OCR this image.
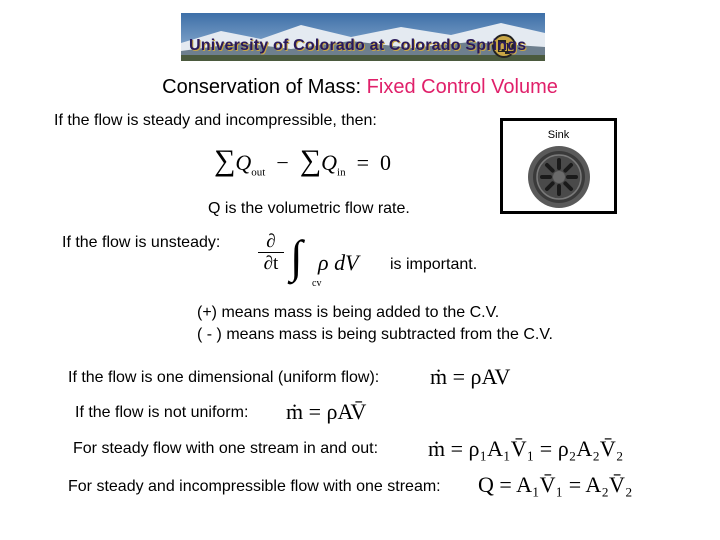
University of Colorado at Colorado Springs
Conservation of Mass: Fixed Control Volume
If the flow is steady and incompressible, then:
$\sum Q_{out} - \sum Q_{in} = 0$
Sink
Q is the volumetric flow rate.
If the flow is unsteady:	∂
∂t ∫
cv
ρ dV is important.
(+) means mass is being added to the C.V.
( - ) means mass is being subtracted from the C.V.
If the flow is one dimensional (uniform flow): ṁ = ρAV
If the flow is not uniform: ṁ = ρAV̄
For steady flow with one stream in and out: ṁ = ρ₁A₁V̄₁ = ρ₂A₂V̄₂
For steady and incompressible flow with one stream: Q = A₁V̄₁ = A₂V̄₂
